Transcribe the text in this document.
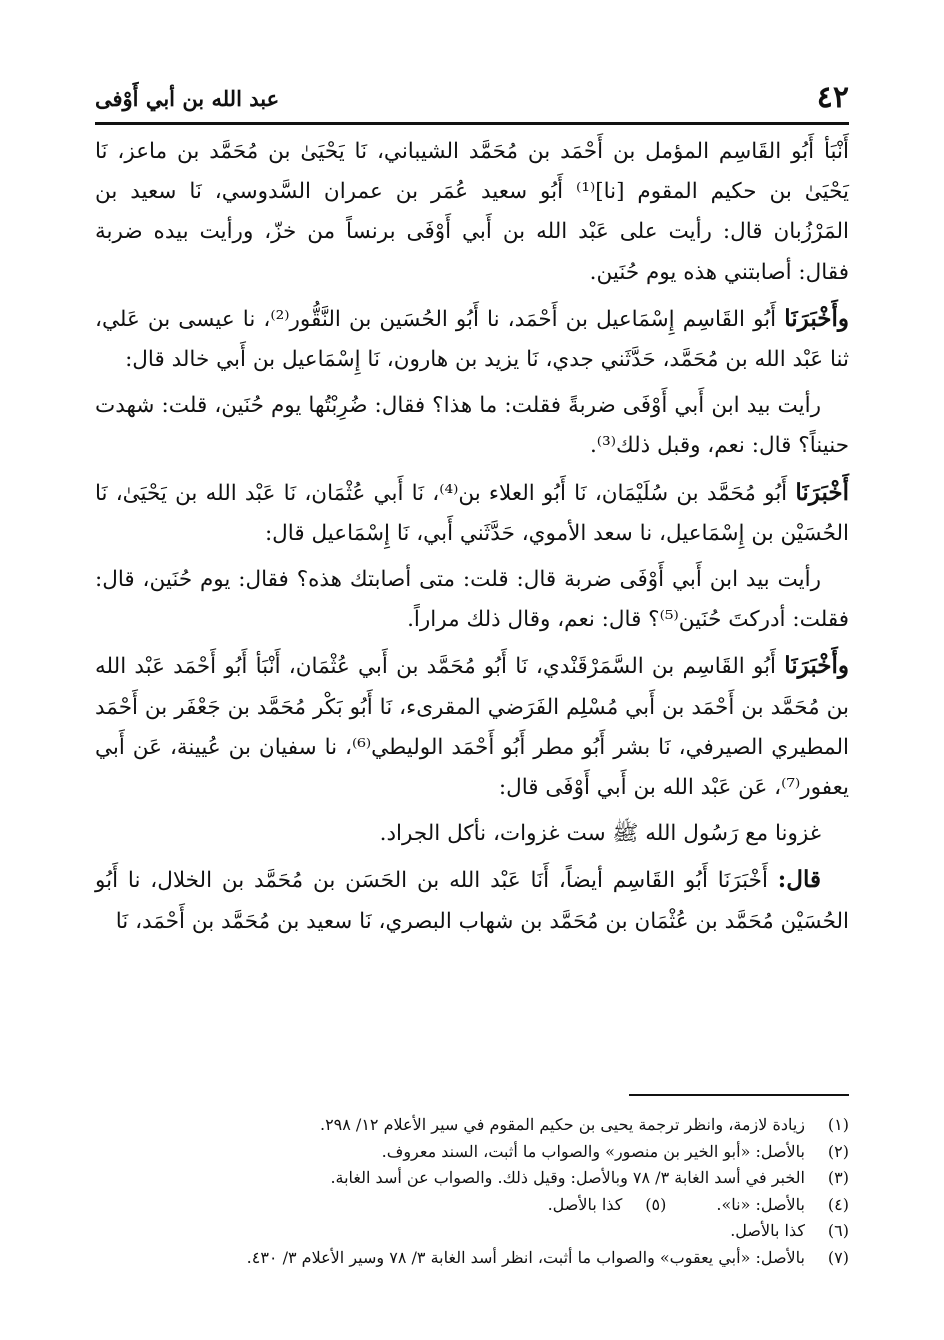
٤٢
عبد الله بن أبي أَوْفى

أَنْبَأ أَبُو القَاسِم المؤمل بن أَحْمَد بن مُحَمَّد الشيباني، نَا يَحْيَىٰ بن مُحَمَّد بن ماعز، نَا يَحْيَىٰ بن حكيم المقوم [نا]⁽¹⁾ أَبُو سعيد عُمَر بن عمران السَّدوسي، نَا سعيد بن المَرْزُبان قال: رأيت على عَبْد الله بن أَبي أَوْفَى برنساً من خزّ، ورأيت بيده ضربة فقال: أصابتني هذه يوم حُنَين.

وأَخْبَرَنَا أَبُو القَاسِم إِسْمَاعيل بن أَحْمَد، نا أَبُو الحُسَين بن النَّقُّور⁽²⁾، نا عيسى بن عَلي، ثنا عَبْد الله بن مُحَمَّد، حَدَّثَني جدي، نَا يزيد بن هارون، نَا إِسْمَاعيل بن أَبي خالد قال:

رأيت بيد ابن أَبي أَوْفَى ضربةً فقلت: ما هذا؟ فقال: ضُرِبْتُها يوم حُنَين، قلت: شهدت حنيناً؟ قال: نعم، وقبل ذلك⁽³⁾.

أَخْبَرَنَا أَبُو مُحَمَّد بن سُلَيْمَان، نَا أَبُو العلاء بن⁽⁴⁾، نَا أَبي عُثْمَان، نَا عَبْد الله بن يَحْيَىٰ، نَا الحُسَيْن بن إِسْمَاعيل، نا سعد الأموي، حَدَّثَني أَبي، نَا إِسْمَاعيل قال:

رأيت بيد ابن أَبي أَوْفَى ضربة قال: قلت: متى أصابتك هذه؟ فقال: يوم حُنَين، قال: فقلت: أدركتَ حُنَين⁽⁵⁾؟ قال: نعم، وقال ذلك مراراً.

وأَخْبَرَنَا أَبُو القَاسِم بن السَّمَرْقَنْدي، نَا أَبُو مُحَمَّد بن أَبي عُثْمَان، أَنْبَأ أَبُو أَحْمَد عَبْد الله بن مُحَمَّد بن أَحْمَد بن أَبي مُسْلِم الفَرَضي المقرىء، نَا أَبُو بَكْر مُحَمَّد بن جَعْفَر بن أَحْمَد المطيري الصيرفي، نَا بشر أَبُو مطر أَبُو أَحْمَد الوليطي⁽⁶⁾، نا سفيان بن عُيينة، عَن أَبي يعفور⁽⁷⁾، عَن عَبْد الله بن أَبي أَوْفَى قال:

غزونا مع رَسُول الله ﷺ ست غزوات، نأكل الجراد.

قال: أَخْبَرَنَا أَبُو القَاسِم أيضاً، أَنَا عَبْد الله بن الحَسَن بن مُحَمَّد بن الخلال، نا أَبُو الحُسَيْن مُحَمَّد بن عُثْمَان بن مُحَمَّد بن شهاب البصري، نَا سعيد بن مُحَمَّد بن أَحْمَد، نَا

(١)
زيادة لازمة، وانظر ترجمة يحيى بن حكيم المقوم في سير الأعلام ١٢/ ٢٩٨.
(٢)
بالأصل: «أبو الخير بن منصور» والصواب ما أثبت، السند معروف.
(٣)
الخبر في أسد الغابة ٣/ ٧٨ وبالأصل: وقيل ذلك. والصواب عن أسد الغابة.
(٤)
بالأصل: «نا».
(٥)
كذا بالأصل.
(٦)
كذا بالأصل.
(٧)
بالأصل: «أبي يعقوب» والصواب ما أثبت، انظر أسد الغابة ٣/ ٧٨ وسير الأعلام ٣/ ٤٣٠.
